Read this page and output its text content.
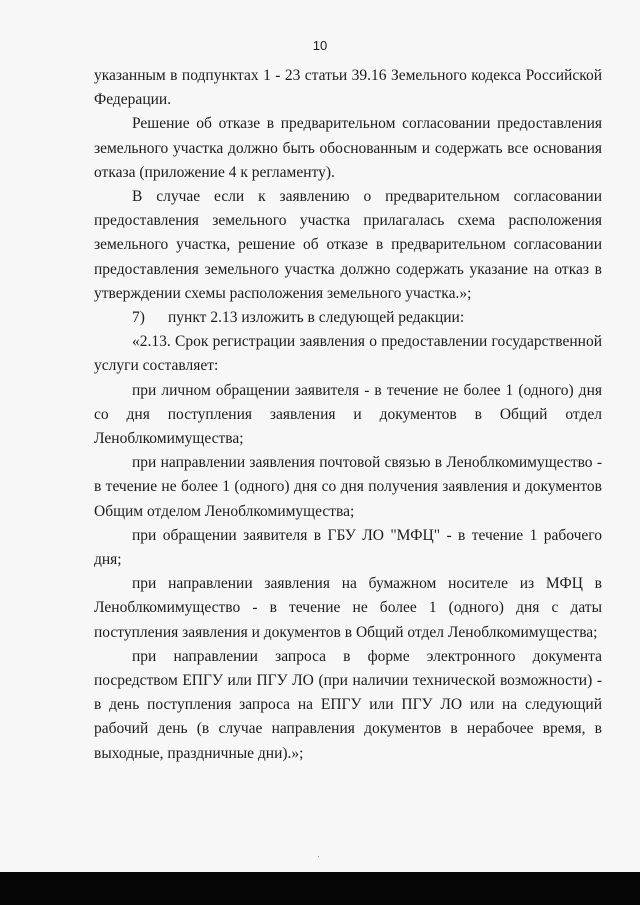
10

указанным в подпунктах 1 - 23 статьи 39.16 Земельного кодекса Российской Федерации.

Решение об отказе в предварительном согласовании предоставления земельного участка должно быть обоснованным и содержать все основания отказа (приложение 4 к регламенту).

В случае если к заявлению о предварительном согласовании предоставления земельного участка прилагалась схема расположения земельного участка, решение об отказе в предварительном согласовании предоставления земельного участка должно содержать указание на отказ в утверждении схемы расположения земельного участка.»;

7) пункт 2.13 изложить в следующей редакции:

«2.13. Срок регистрации заявления о предоставлении государственной услуги составляет:

при личном обращении заявителя - в течение не более 1 (одного) дня со дня поступления заявления и документов в Общий отдел Леноблкомимущества;

при направлении заявления почтовой связью в Леноблкомимущество - в течение не более 1 (одного) дня со дня получения заявления и документов Общим отделом Леноблкомимущества;

при обращении заявителя в ГБУ ЛО "МФЦ" - в течение 1 рабочего дня;

при направлении заявления на бумажном носителе из МФЦ в Леноблкомимущество - в течение не более 1 (одного) дня с даты поступления заявления и документов в Общий отдел Леноблкомимущества;

при направлении запроса в форме электронного документа посредством ЕПГУ или ПГУ ЛО (при наличии технической возможности) - в день поступления запроса на ЕПГУ или ПГУ ЛО или на следующий рабочий день (в случае направления документов в нерабочее время, в выходные, праздничные дни).»;
